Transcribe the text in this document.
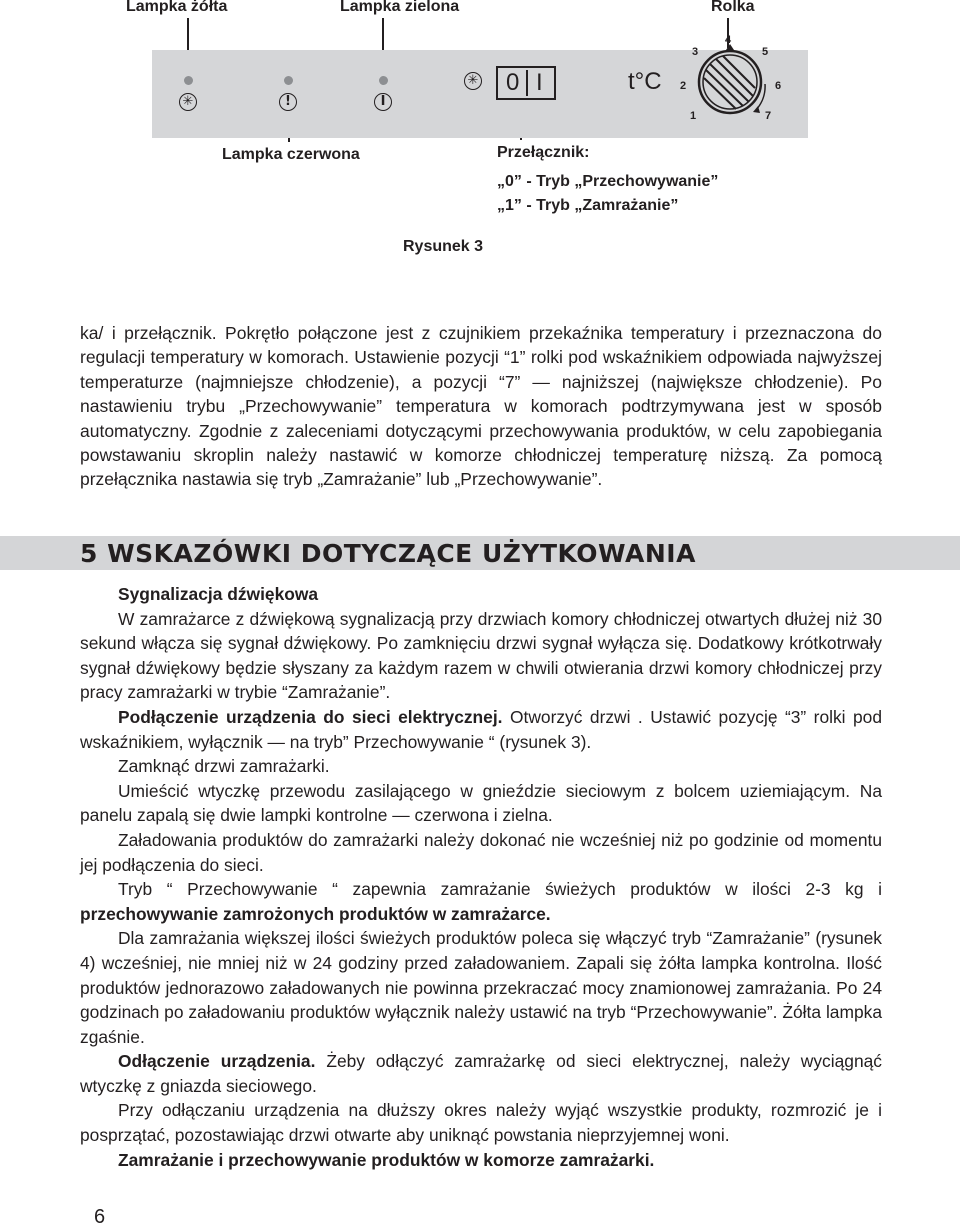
Lampka żółta	Lampka zielona	Rolka
✳	!	I
✳ 0 I	t°C
1
2
3
4
5
6
7
Lampka czerwona	Przełącznik:
„0” - Tryb „Przechowywanie”
„1” - Tryb „Zamrażanie”
Rysunek 3

ka/ i przełącznik. Pokrętło połączone jest z czujnikiem przekaźnika temperatury i przeznaczona do regulacji temperatury w komorach. Ustawienie pozycji “1” rolki pod wskaźnikiem odpowiada najwyższej temperaturze (najmniejsze chłodzenie), a pozycji “7” — najniższej (największe chłodzenie). Po nastawieniu trybu „Przechowywanie” temperatura w komorach podtrzymywana jest w sposób automatyczny. Zgodnie z zaleceniami dotyczącymi przechowywania produktów, w celu zapobiegania powstawaniu skroplin należy nastawić w komorze chłodniczej temperaturę niższą. Za pomocą przełącznika nastawia się tryb „Zamrażanie” lub „Przechowywanie”.

5 WSKAZÓWKI DOTYCZĄCE UŻYTKOWANIA

Sygnalizacja dźwiękowa

W zamrażarce z dźwiękową sygnalizacją przy drzwiach komory chłodniczej otwartych dłużej niż 30 sekund włącza się sygnał dźwiękowy. Po zamknięciu drzwi sygnał wyłącza się. Dodatkowy krótkotrwały sygnał dźwiękowy będzie słyszany za każdym razem w chwili otwierania drzwi komory chłodniczej przy pracy zamrażarki w trybie “Zamrażanie”.

Podłączenie urządzenia do sieci elektrycznej. Otworzyć drzwi . Ustawić pozycję “3” rolki pod wskaźnikiem, wyłącznik — na tryb” Przechowywanie “ (rysunek 3).

Zamknąć drzwi zamrażarki.

Umieścić wtyczkę przewodu zasilającego w gnieździe sieciowym z bolcem uziemiającym. Na panelu zapalą się dwie lampki kontrolne — czerwona i zielna.

Załadowania produktów do zamrażarki należy dokonać nie wcześniej niż po godzinie od momentu jej podłączenia do sieci.

Tryb “ Przechowywanie “ zapewnia zamrażanie świeżych produktów w ilości 2-3 kg i przechowywanie zamrożonych produktów w zamrażarce.

Dla zamrażania większej ilości świeżych produktów poleca się włączyć tryb “Zamrażanie” (rysunek 4) wcześniej, nie mniej niż w 24 godziny przed załadowaniem. Zapali się żółta lampka kontrolna. Ilość produktów jednorazowo załadowanych nie powinna przekraczać mocy znamionowej zamrażania. Po 24 godzinach po załadowaniu produktów wyłącznik należy ustawić na tryb “Przechowywanie”. Żółta lampka zgaśnie.

Odłączenie urządzenia. Żeby odłączyć zamrażarkę od sieci elektrycznej, należy wyciągnąć wtyczkę z gniazda sieciowego.

Przy odłączaniu urządzenia na dłuższy okres należy wyjąć wszystkie produkty, rozmrozić je i posprzątać, pozostawiając drzwi otwarte aby uniknąć powstania nieprzyjemnej woni.

Zamrażanie i przechowywanie produktów w komorze zamrażarki.

6
